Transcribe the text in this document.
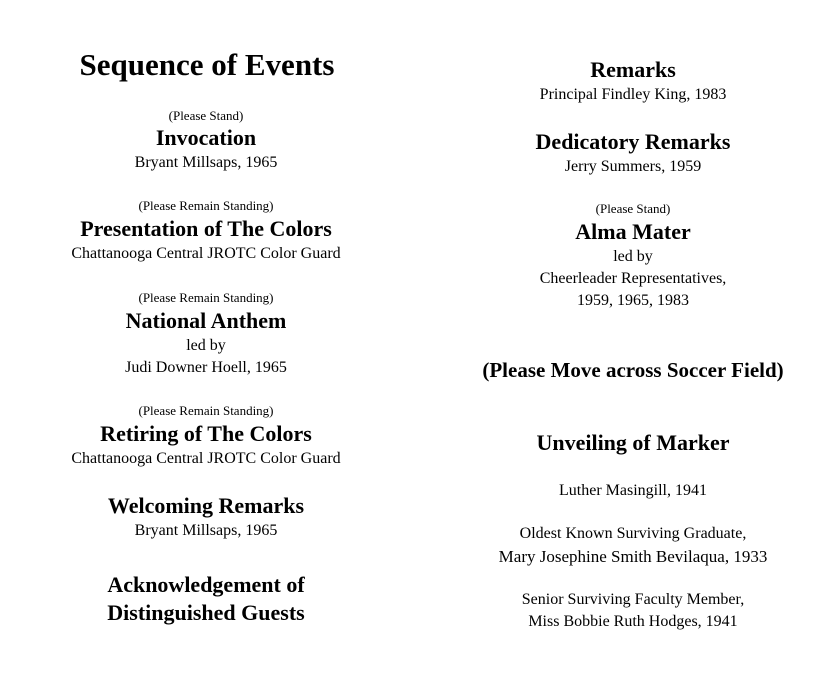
Sequence of Events
(Please Stand)
Invocation
Bryant Millsaps, 1965
(Please Remain Standing)
Presentation of The Colors
Chattanooga Central JROTC Color Guard
(Please Remain Standing)
National Anthem
led by
Judi Downer Hoell, 1965
(Please Remain Standing)
Retiring of The Colors
Chattanooga Central JROTC Color Guard
Welcoming Remarks
Bryant Millsaps, 1965
Acknowledgement of
Distinguished Guests
Remarks
Principal Findley King, 1983
Dedicatory Remarks
Jerry Summers, 1959
(Please Stand)
Alma Mater
led by
Cheerleader Representatives,
1959, 1965, 1983
(Please Move across Soccer Field)
Unveiling of Marker
Luther Masingill, 1941
Oldest Known Surviving Graduate,
Mary Josephine Smith Bevilaqua, 1933
Senior Surviving Faculty Member,
Miss Bobbie Ruth Hodges, 1941
